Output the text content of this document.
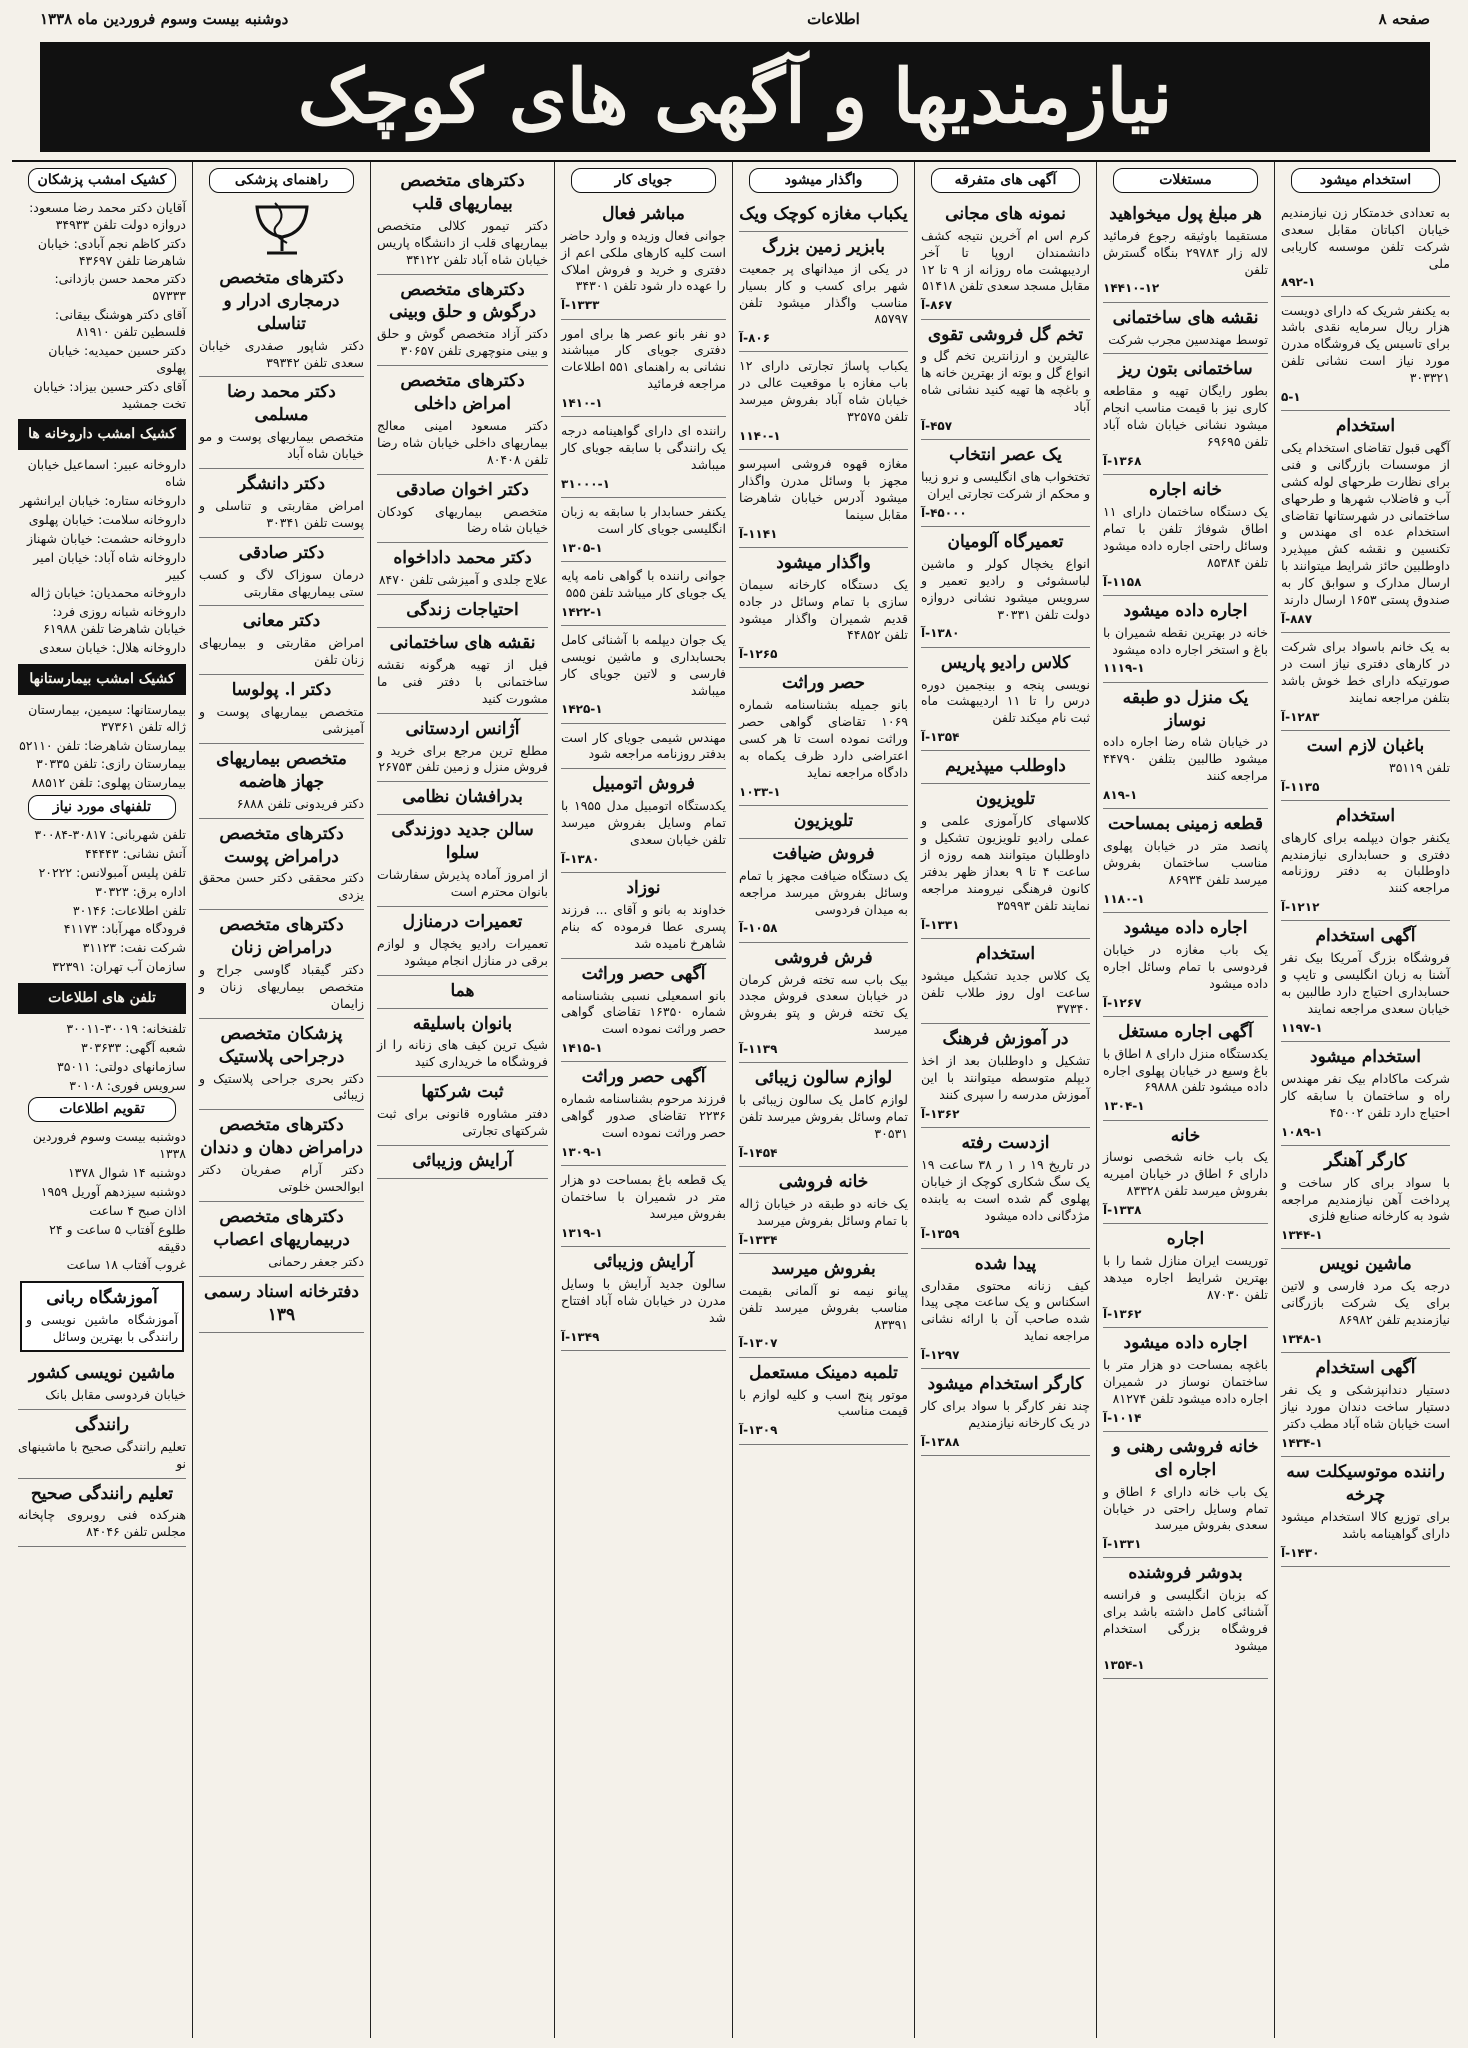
دوشنبه بیست وسوم فروردین ماه ۱۳۳۸	اطلاعات	صفحه ۸
نیازمندیها و آگهی های کوچک
استخدام میشود
به تعدادی خدمتکار زن نیازمندیم خیابان اکباتان مقابل سعدی شرکت تلفن موسسه کاریابی ملی
۸۹۲-۱
به یکنفر شریک که دارای دویست هزار ریال سرمایه نقدی باشد برای تاسیس یک فروشگاه مدرن مورد نیاز است نشانی تلفن ۳۰۳۳۲۱
۵-۱
استخدام
آگهی قبول تقاضای استخدام یکی از موسسات بازرگانی و فنی برای نظارت طرحهای لوله کشی آب و فاضلاب شهرها و طرحهای ساختمانی در شهرستانها تقاضای استخدام عده ای مهندس و تکنسین و نقشه کش میپذیرد داوطلبین حائز شرایط میتوانند با ارسال مدارک و سوابق کار به صندوق پستی ۱۶۵۳ ارسال دارند
۸۸۷-آ
به یک خانم باسواد برای شرکت در کارهای دفتری نیاز است در صورتیکه دارای خط خوش باشد بتلفن مراجعه نمایند
۱۲۸۳-آ
باغبان لازم است
تلفن ۳۵۱۱۹
۱۱۳۵-آ
استخدام
یکنفر جوان دیپلمه برای کارهای دفتری و حسابداری نیازمندیم داوطلبان به دفتر روزنامه مراجعه کنند
۱۲۱۲-آ
آگهی استخدام
فروشگاه بزرگ آمریکا بیک نفر آشنا به زبان انگلیسی و تایپ و حسابداری احتیاج دارد طالبین به خیابان سعدی مراجعه نمایند
۱۱۹۷-۱
استخدام میشود
شرکت ماکادام بیک نفر مهندس راه و ساختمان با سابقه کار احتیاج دارد تلفن ۴۵۰۰۲
۱۰۸۹-۱
کارگر آهنگر
با سواد برای کار ساخت و پرداخت آهن نیازمندیم مراجعه شود به کارخانه صنایع فلزی
۱۳۴۴-۱
ماشین نویس
درجه یک مرد فارسی و لاتین برای یک شرکت بازرگانی نیازمندیم تلفن ۸۶۹۸۲
۱۳۴۸-۱
آگهی استخدام
دستیار دندانپزشکی و یک نفر دستیار ساخت دندان مورد نیاز است خیابان شاه آباد مطب دکتر
۱۴۳۴-۱
راننده موتوسیکلت سه چرخه
برای توزیع کالا استخدام میشود دارای گواهینامه باشد
۱۴۳۰-آ
مستغلات
هر مبلغ پول میخواهید
مستقیما باوثیقه رجوع فرمائید لاله زار ۲۹۷۸۴ بنگاه گسترش تلفن
۱۴۴۱۰-۱۲
نقشه های ساختمانی
توسط مهندسین مجرب شرکت
ساختمانی بتون ریز
بطور رایگان تهیه و مقاطعه کاری نیز با قیمت مناسب انجام میشود نشانی خیابان شاه آباد تلفن ۶۹۶۹۵
۱۳۶۸-آ
خانه اجاره
یک دستگاه ساختمان دارای ۱۱ اطاق شوفاژ تلفن با تمام وسائل راحتی اجاره داده میشود تلفن ۸۵۳۸۴
۱۱۵۸-آ
اجاره داده میشود
خانه در بهترین نقطه شمیران با باغ و استخر اجاره داده میشود
۱۱۱۹-۱
یک منزل دو طبقه نوساز
در خیابان شاه رضا اجاره داده میشود طالبین بتلفن ۴۴۷۹۰ مراجعه کنند
۸۱۹-۱
قطعه زمینی بمساحت
پانصد متر در خیابان پهلوی مناسب ساختمان بفروش میرسد تلفن ۸۶۹۳۴
۱۱۸۰-۱
اجاره داده میشود
یک باب مغازه در خیابان فردوسی با تمام وسائل اجاره داده میشود
۱۲۶۷-آ
آگهی اجاره مستغل
یکدستگاه منزل دارای ۸ اطاق با باغ وسیع در خیابان پهلوی اجاره داده میشود تلفن ۶۹۸۸۸
۱۳۰۴-۱
خانه
یک باب خانه شخصی نوساز دارای ۶ اطاق در خیابان امیریه بفروش میرسد تلفن ۸۳۳۲۸
۱۳۳۸-آ
اجاره
توریست ایران منازل شما را با بهترین شرایط اجاره میدهد تلفن ۸۷۰۳۰
۱۳۶۲-آ
اجاره داده میشود
باغچه بمساحت دو هزار متر با ساختمان نوساز در شمیران اجاره داده میشود تلفن ۸۱۲۷۴
۱۰۱۴-آ
خانه فروشی رهنی و اجاره ای
یک باب خانه دارای ۶ اطاق و تمام وسایل راحتی در خیابان سعدی بفروش میرسد
۱۳۳۱-آ
بدوشر فروشنده
که بزبان انگلیسی و فرانسه آشنائی کامل داشته باشد برای فروشگاه بزرگی استخدام میشود
۱۳۵۴-۱
آگهی های متفرقه
نمونه های مجانی
کرم اس ام آخرین نتیجه کشف دانشمندان اروپا تا آخر اردیبهشت ماه روزانه از ۹ تا ۱۲ مقابل مسجد سعدی تلفن ۵۱۴۱۸
۸۶۷-آ
تخم گل فروشی تقوی
عالیترین و ارزانترین تخم گل و انواع گل و بوته از بهترین خانه ها و باغچه ها تهیه کنید نشانی شاه آباد
۴۵۷-آ
یک عصر انتخاب
تختخواب های انگلیسی و نرو زیبا و محکم از شرکت تجارتی ایران
۴۵۰۰۰-آ
تعمیرگاه آلومیان
انواع یخچال کولر و ماشین لباسشوئی و رادیو تعمیر و سرویس میشود نشانی دروازه دولت تلفن ۳۰۳۳۱
۱۳۸۰-آ
کلاس رادیو پاریس
نویسی پنجه و بینجمین دوره درس را تا ۱۱ اردیبهشت ماه ثبت نام میکند تلفن
۱۳۵۴-آ
داوطلب میپذیریم
تلویزیون
کلاسهای کارآموزی علمی و عملی رادیو تلویزیون تشکیل و داوطلبان میتوانند همه روزه از ساعت ۴ تا ۹ بعداز ظهر بدفتر کانون فرهنگی نیرومند مراجعه نمایند تلفن ۳۵۹۹۳
۱۳۳۱-آ
استخدام
یک کلاس جدید تشکیل میشود ساعت اول روز طلاب تلفن ۳۷۳۴۰
در آموزش فرهنگ
تشکیل و داوطلبان بعد از اخذ دیپلم متوسطه میتوانند با این آموزش مدرسه را سپری کنند
۱۳۶۲-آ
ازدست رفته
در تاریخ ۱۹ ر ۱ ر ۳۸ ساعت ۱۹ یک سگ شکاری کوچک از خیابان پهلوی گم شده است به یابنده مژدگانی داده میشود
۱۳۵۹-آ
پیدا شده
کیف زنانه محتوی مقداری اسکناس و یک ساعت مچی پیدا شده صاحب آن با ارائه نشانی مراجعه نماید
۱۲۹۷-آ
کارگر استخدام میشود
چند نفر کارگر با سواد برای کار در یک کارخانه نیازمندیم
۱۳۸۸-آ
واگذار میشود
یکباب مغازه کوچک ویک
بابزیر زمین بزرگ
در یکی از میدانهای پر جمعیت شهر برای کسب و کار بسیار مناسب واگذار میشود تلفن ۸۵۷۹۷
۸۰۶-آ
یکباب پاساژ تجارتی دارای ۱۲ باب مغازه با موقعیت عالی در خیابان شاه آباد بفروش میرسد تلفن ۳۲۵۷۵
۱۱۴۰-۱
مغازه قهوه فروشی اسپرسو مجهز با وسائل مدرن واگذار میشود آدرس خیابان شاهرضا مقابل سینما
۱۱۴۱-آ
واگذار میشود
یک دستگاه کارخانه سیمان سازی با تمام وسائل در جاده قدیم شمیران واگذار میشود تلفن ۴۴۸۵۲
۱۲۶۵-آ
حصر وراثت
بانو جمیله بشناسنامه شماره ۱۰۶۹ تقاضای گواهی حصر وراثت نموده است تا هر کسی اعتراضی دارد ظرف یکماه به دادگاه مراجعه نماید
۱۰۳۳-۱
تلویزیون
فروش ضیافت
یک دستگاه ضیافت مجهز با تمام وسائل بفروش میرسد مراجعه به میدان فردوسی
۱۰۵۸-آ
فرش فروشی
بیک باب سه تخته فرش کرمان در خیابان سعدی فروش مجدد یک تخته فرش و پتو بفروش میرسد
۱۱۳۹-آ
لوازم سالون زیبائی
لوازم کامل یک سالون زیبائی با تمام وسائل بفروش میرسد تلفن ۳۰۵۳۱
۱۴۵۴-آ
خانه فروشی
یک خانه دو طبقه در خیابان ژاله با تمام وسائل بفروش میرسد
۱۳۳۴-آ
بفروش میرسد
پیانو نیمه نو آلمانی بقیمت مناسب بفروش میرسد تلفن ۸۳۳۹۱
۱۳۰۷-آ
تلمبه دمینک مستعمل
موتور پنج اسب و کلیه لوازم با قیمت مناسب
۱۳۰۹-آ
جویای کار
مباشر فعال
جوانی فعال وزیده و وارد حاضر است کلیه کارهای ملکی اعم از دفتری و خرید و فروش املاک را عهده دار شود تلفن ۳۴۳۰۱
۱۳۳۳-آ
دو نفر بانو عصر ها برای امور دفتری جویای کار میباشند نشانی به راهنمای ۵۵۱ اطلاعات مراجعه فرمائید
۱۴۱۰-۱
راننده ای دارای گواهینامه درجه یک رانندگی با سابقه جویای کار میباشد
۳۱۰۰۰-۱
یکنفر حسابدار با سابقه به زبان انگلیسی جویای کار است
۱۳۰۵-۱
جوانی راننده با گواهی نامه پایه یک جویای کار میباشد تلفن ۵۵۵
۱۴۲۲-۱
یک جوان دیپلمه با آشنائی کامل بحسابداری و ماشین نویسی فارسی و لاتین جویای کار میباشد
۱۴۲۵-۱
مهندس شیمی جویای کار است بدفتر روزنامه مراجعه شود
فروش اتومبیل
یکدستگاه اتومبیل مدل ۱۹۵۵ با تمام وسایل بفروش میرسد تلفن خیابان سعدی
۱۳۸۰-آ
نوزاد
خداوند به بانو و آقای ... فرزند پسری عطا فرموده که بنام شاهرخ نامیده شد
آگهی حصر وراثت
بانو اسمعیلی نسبی بشناسنامه شماره ۱۶۳۵۰ تقاضای گواهی حصر وراثت نموده است
۱۴۱۵-۱
آگهی حصر وراثت
فرزند مرحوم بشناسنامه شماره ۲۲۳۶ تقاضای صدور گواهی حصر وراثت نموده است
۱۳۰۹-۱
یک قطعه باغ بمساحت دو هزار متر در شمیران با ساختمان بفروش میرسد
۱۳۱۹-۱
آرایش وزیبائی
سالون جدید آرایش با وسایل مدرن در خیابان شاه آباد افتتاح شد
۱۳۴۹-آ
دکترهای متخصص بیماریهای قلب
دکتر تیمور کلالی متخصص بیماریهای قلب از دانشگاه پاریس خیابان شاه آباد تلفن ۳۴۱۲۲
دکترهای متخصص درگوش و حلق وبینی
دکتر آزاد متخصص گوش و حلق و بینی منوچهری تلفن ۳۰۶۵۷
دکترهای متخصص امراض داخلی
دکتر مسعود امینی معالج بیماریهای داخلی خیابان شاه رضا تلفن ۸۰۴۰۸
دکتر اخوان صادقی
متخصص بیماریهای کودکان خیابان شاه رضا
دکتر محمد داداخواه
علاج جلدی و آمیزشی تلفن ۸۴۷۰
احتیاجات زندگی
نقشه های ساختمانی
فیل از تهیه هرگونه نقشه ساختمانی با دفتر فنی ما مشورت کنید
آژانس اردستانی
مطلع ترین مرجع برای خرید و فروش منزل و زمین تلفن ۲۶۷۵۳
بدرافشان نظامی
سالن جدید دوزندگی سلوا
از امروز آماده پذیرش سفارشات بانوان محترم است
تعمیرات درمنازل
تعمیرات رادیو یخچال و لوازم برقی در منازل انجام میشود
هما
بانوان باسلیقه
شیک ترین کیف های زنانه را از فروشگاه ما خریداری کنید
ثبت شرکتها
دفتر مشاوره قانونی برای ثبت شرکتهای تجارتی
آرایش وزیبائی
راهنمای پزشکی
دکترهای متخصص درمجاری ادرار و تناسلی
دکتر شاپور صفدری خیابان سعدی تلفن ۳۹۳۴۲
دکتر محمد رضا مسلمی
متخصص بیماریهای پوست و مو خیابان شاه آباد
دکتر دانشگر
امراض مقاربتی و تناسلی و پوست تلفن ۳۰۳۴۱
دکتر صادقی
درمان سوزاک لاگ و کسب ستی بیماریهای مقاربتی
دکتر معانی
امراض مقاربتی و بیماریهای زنان تلفن
دکتر ا. پولوسا
متخصص بیماریهای پوست و آمیزشی
متخصص بیماریهای جهاز هاضمه
دکتر فریدونی تلفن ۶۸۸۸
دکترهای متخصص درامراض پوست
دکتر محققی دکتر حسن محقق یزدی
دکترهای متخصص درامراض زنان
دکتر گیقباد گاوسی جراح و متخصص بیماریهای زنان و زایمان
پزشکان متخصص درجراحی پلاستیک
دکتر بحری جراحی پلاستیک و زیبائی
دکترهای متخصص درامراض دهان و دندان
دکتر آرام صفریان دکتر ابوالحسن خلوتی
دکترهای متخصص دربیماریهای اعصاب
دکتر جعفر رحمانی
دفترخانه اسناد رسمی ۱۳۹
کشیک امشب پزشکان
آقایان دکتر محمد رضا مسعود: دروازه دولت تلفن ۳۴۹۳۳
دکتر کاظم نجم آبادی: خیابان شاهرضا تلفن ۴۳۶۹۷
دکتر محمد حسن بازدانی: ۵۷۳۳۳
آقای دکتر هوشنگ بیقانی: فلسطین تلفن ۸۱۹۱۰
دکتر حسین حمیدیه: خیابان پهلوی
آقای دکتر حسین بیزاد: خیابان تخت جمشید
کشیک امشب داروخانه ها
داروخانه عبیر: اسماعیل خیابان شاه
داروخانه ستاره: خیابان ایرانشهر
داروخانه سلامت: خیابان پهلوی
داروخانه حشمت: خیابان شهناز
داروخانه شاه آباد: خیابان امیر کبیر
داروخانه محمدیان: خیابان ژاله
داروخانه شبانه روزی فرد: خیابان شاهرضا تلفن ۶۱۹۸۸
داروخانه هلال: خیابان سعدی
کشیک امشب بیمارستانها
بیمارستانها: سیمین، بیمارستان ژاله تلفن ۳۷۳۶۱
بیمارستان شاهرضا: تلفن ۵۲۱۱۰
بیمارستان رازی: تلفن ۳۰۳۳۵
بیمارستان پهلوی: تلفن ۸۸۵۱۲
تلفنهای مورد نیاز
تلفن شهربانی: ۳۰۸۱۷-۳۰۰۸۴
آتش نشانی: ۴۴۴۴۳
تلفن پلیس آمبولانس: ۲۰۲۲۲
اداره برق: ۳۰۳۲۳
تلفن اطلاعات: ۳۰۱۴۶
فرودگاه مهرآباد: ۴۱۱۷۳
شرکت نفت: ۳۱۱۲۳
سازمان آب تهران: ۳۲۳۹۱
تلفن های اطلاعات
تلفنخانه: ۳۰۰۱۹-۳۰۰۱۱
شعبه آگهی: ۳۰۳۶۳۳
سازمانهای دولتی: ۳۵۰۱۱
سرویس فوری: ۳۰۱۰۸
تقویم اطلاعات
دوشنبه بیست وسوم فروردین ۱۳۳۸
دوشنبه ۱۴ شوال ۱۳۷۸
دوشنبه سیزدهم آوریل ۱۹۵۹
اذان صبح ۴ ساعت
طلوع آفتاب ۵ ساعت و ۲۴ دقیقه
غروب آفتاب ۱۸ ساعت
آموزشگاه ربانی
آموزشگاه ماشین نویسی و رانندگی با بهترین وسائل
ماشین نویسی کشور
خیابان فردوسی مقابل بانک
رانندگی
تعلیم رانندگی صحیح با ماشینهای نو
تعلیم رانندگی صحیح
هنرکده فنی روبروی چاپخانه مجلس تلفن ۸۴۰۴۶
